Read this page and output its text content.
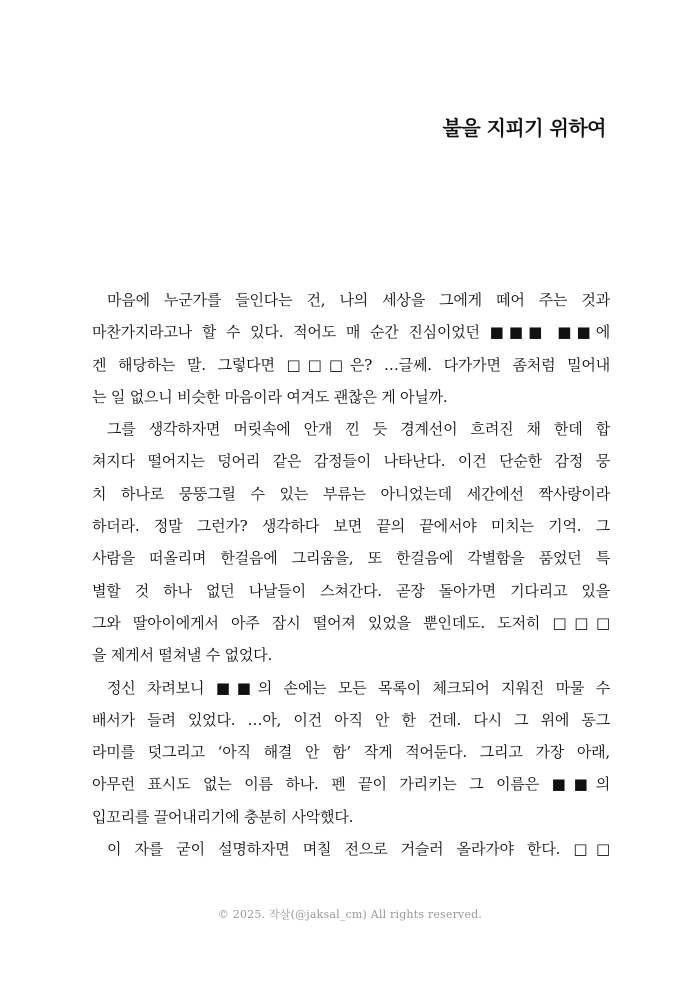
불을 지피기 위하여
마음에 누군가를 들인다는 건, 나의 세상을 그에게 떼어 주는 것과
마찬가지라고나 할 수 있다. 적어도 매 순간 진심이었던 ■■■ ■■에
겐 해당하는 말. 그렇다면 □□□은? …글쎄. 다가가면 좀처럼 밀어내
는 일 없으니 비슷한 마음이라 여겨도 괜찮은 게 아닐까.
그를 생각하자면 머릿속에 안개 낀 듯 경계선이 흐려진 채 한데 합
쳐지다 떨어지는 덩어리 같은 감정들이 나타난다. 이건 단순한 감정 뭉
치 하나로 뭉뚱그릴 수 있는 부류는 아니었는데 세간에선 짝사랑이라
하더라. 정말 그런가? 생각하다 보면 끝의 끝에서야 미치는 기억. 그
사람을 떠올리며 한걸음에 그리움을, 또 한걸음에 각별함을 품었던 특
별할 것 하나 없던 나날들이 스쳐간다. 곧장 돌아가면 기다리고 있을
그와 딸아이에게서 아주 잠시 떨어져 있었을 뿐인데도. 도저히 □□□
을 제게서 떨쳐낼 수 없었다.
정신 차려보니 ■■의 손에는 모든 목록이 체크되어 지워진 마물 수
배서가 들려 있었다. …아, 이건 아직 안 한 건데. 다시 그 위에 동그
라미를 덧그리고 ‘아직 해결 안 함’ 작게 적어둔다. 그리고 가장 아래,
아무런 표시도 없는 이름 하나. 펜 끝이 가리키는 그 이름은 ■■의
입꼬리를 끌어내리기에 충분히 사악했다.
이 자를 굳이 설명하자면 며칠 전으로 거슬러 올라가야 한다. □□
© 2025. 작살(@jaksal_cm) All rights reserved.
